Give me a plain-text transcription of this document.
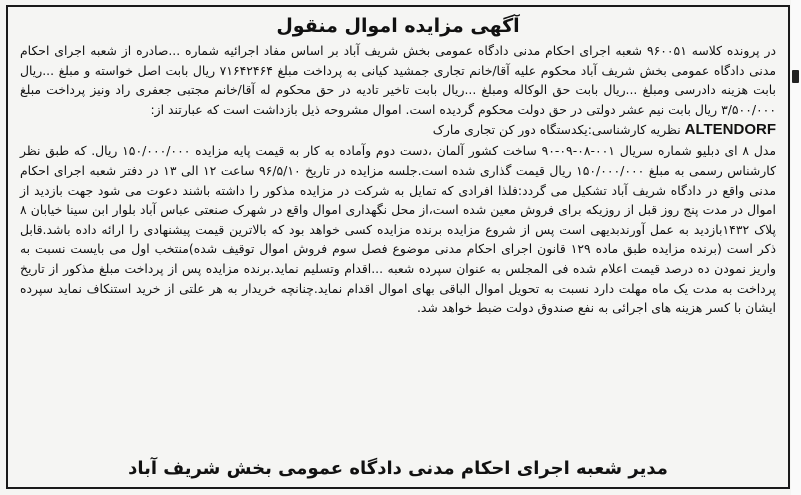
آگهی مزایده اموال منقول

در پرونده کلاسه ۹۶۰۰۵۱ شعبه اجرای احکام مدنی دادگاه عمومی بخش شریف آباد بر اساس مفاد اجرائیه شماره ...صادره از شعبه اجرای احکام مدنی دادگاه عمومی بخش شریف آباد محکوم علیه آقا/خانم تجاری جمشید کیانی به پرداخت مبلغ ۷۱۶۴۲۴۶۴ ریال بابت اصل خواسته و مبلغ ...ریال بابت هزینه دادرسی ومبلغ ...ریال بابت حق الوکاله ومبلغ ...ریال بابت تاخیر تادیه در حق محکوم له آقا/خانم مجتبی جعفری راد ونیز پرداخت مبلغ ۳/۵۰۰/۰۰۰ ریال بابت نیم عشر دولتی در حق دولت محکوم گردیده است. اموال مشروحه ذیل بازداشت است که عبارتند از:

ALTENDORF نظریه کارشناسی:یکدستگاه دور کن تجاری مارک

مدل ۸ ای دبلیو شماره سریال ۰۰۱-۰۸-۰۹-۹۰ ساخت کشور آلمان ،دست دوم وآماده به کار به قیمت پایه مزایده ۱۵۰/۰۰۰/۰۰۰ ریال. که طبق نظر کارشناس رسمی به مبلغ ۱۵۰/۰۰۰/۰۰۰ ریال قیمت گذاری شده است.جلسه مزایده در تاریخ ۹۶/۵/۱۰ ساعت ۱۲ الی ۱۳ در دفتر شعبه اجرای احکام مدنی واقع در دادگاه شریف آباد تشکیل می گردد:فلذا افرادی که تمایل به شرکت در مزایده مذکور را داشته باشند دعوت می شود جهت بازدید از اموال در مدت پنج روز قبل از روزیکه برای فروش معین شده است،از محل نگهداری اموال واقع در شهرک صنعتی عباس آباد بلوار ابن سینا خیابان ۸ پلاک ۱۴۳۲بازدید به عمل آورندبدیهی است پس از شروع مزایده برنده مزایده کسی خواهد بود که بالاترین قیمت پیشنهادی را ارائه داده باشد.قابل ذکر است (برنده مزایده طبق ماده ۱۲۹ قانون اجرای احکام مدنی موضوع فصل سوم فروش اموال توقیف شده)منتخب اول می بایست نسبت به واریز نمودن ده درصد قیمت اعلام شده فی المجلس به عنوان سپرده شعبه ...اقدام وتسلیم نماید.برنده مزایده پس از پرداخت مبلغ مذکور از تاریخ پرداخت به مدت یک ماه مهلت دارد نسبت به تحویل اموال الباقی بهای اموال اقدام نماید.چنانچه خریدار به هر علتی از خرید استنکاف نماید سپرده ایشان با کسر هزینه های اجرائی به نفع صندوق دولت ضبط خواهد شد.

مدیر شعبه اجرای احکام مدنی دادگاه عمومی بخش شریف آباد
